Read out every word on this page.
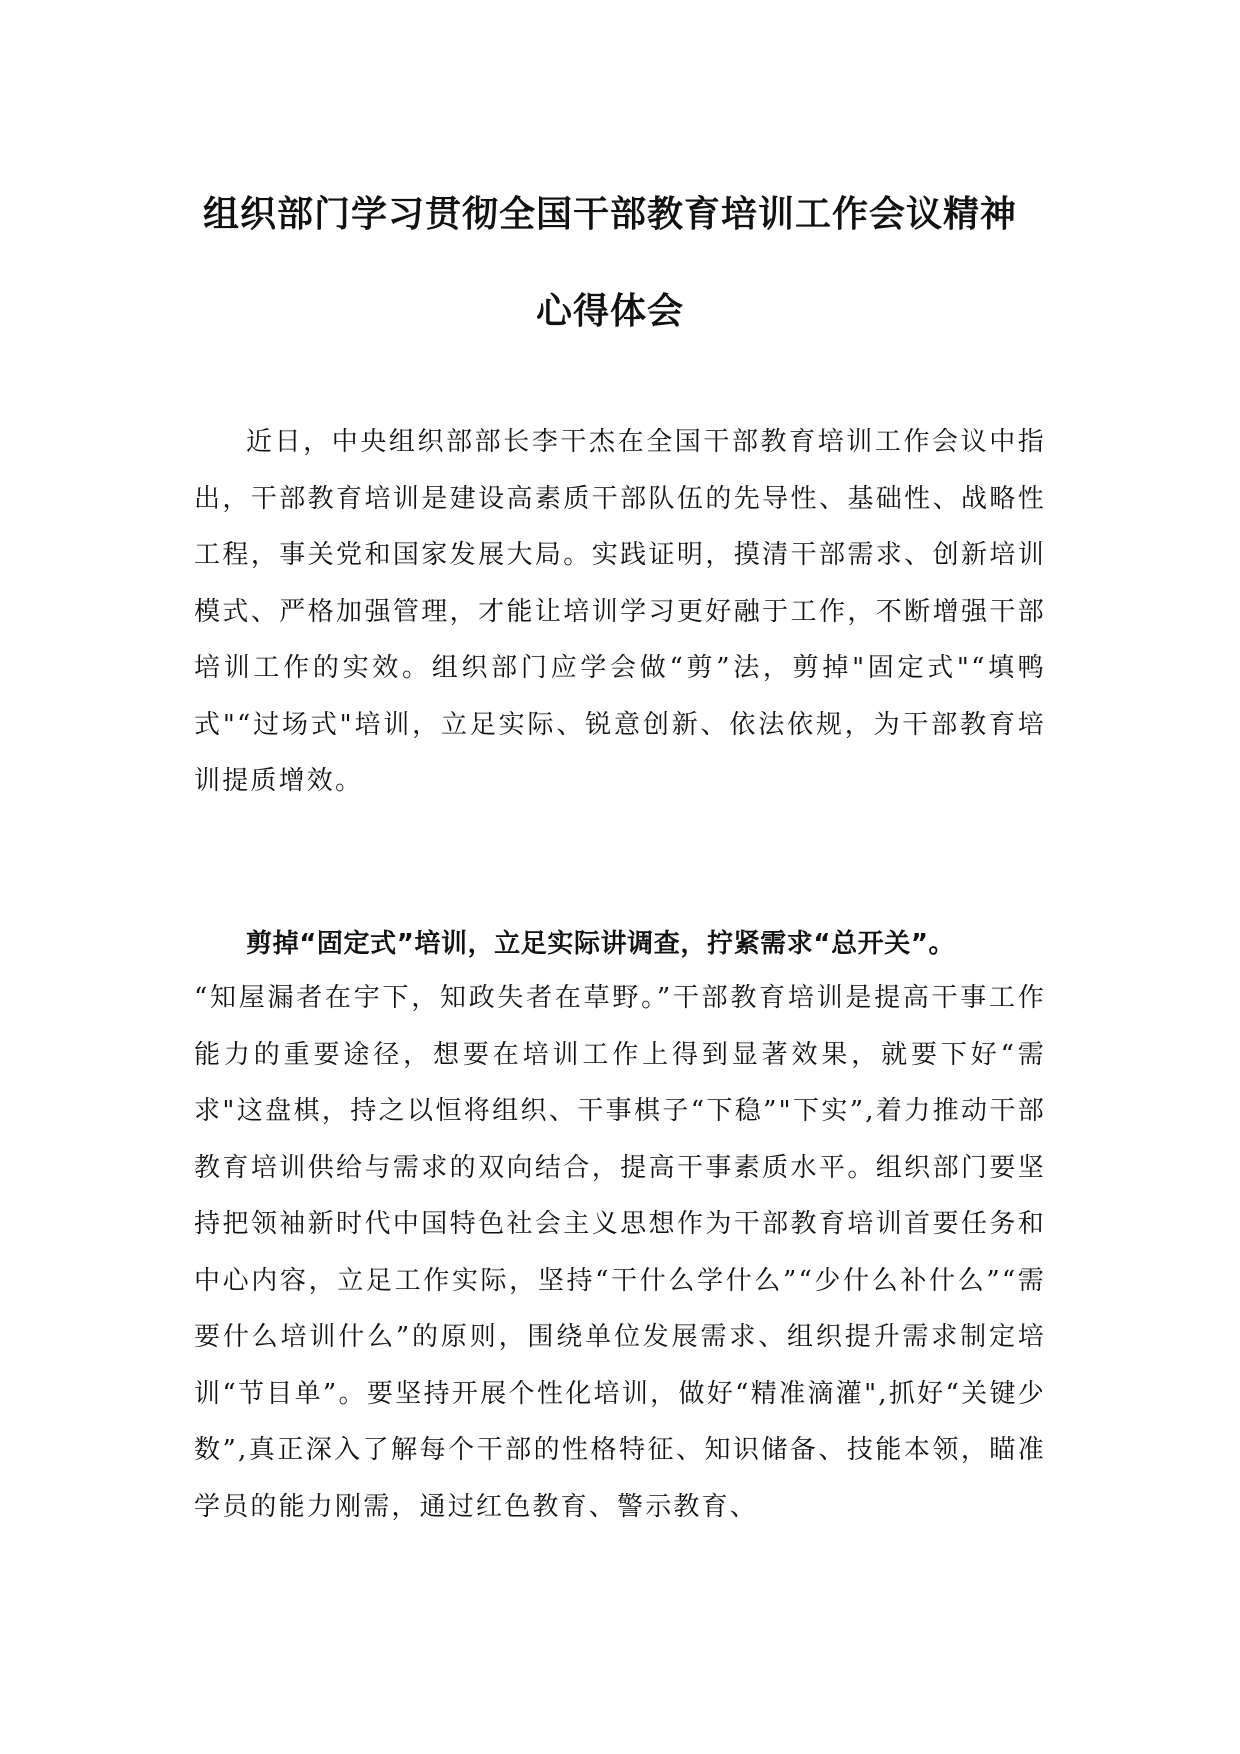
组织部门学习贯彻全国干部教育培训工作会议精神
心得体会
近日，中央组织部部长李干杰在全国干部教育培训工作会议中指出，干部教育培训是建设高素质干部队伍的先导性、基础性、战略性工程，事关党和国家发展大局。实践证明，摸清干部需求、创新培训模式、严格加强管理，才能让培训学习更好融于工作，不断增强干部培训工作的实效。组织部门应学会做“剪”法，剪掉"固定式"“填鸭式"“过场式"培训，立足实际、锐意创新、依法依规，为干部教育培训提质增效。
剪掉“固定式”培训，立足实际讲调查，拧紧需求“总开关”。
“知屋漏者在宇下，知政失者在草野。”干部教育培训是提高干事工作能力的重要途径，想要在培训工作上得到显著效果，就要下好“需求"这盘棋，持之以恒将组织、干事棋子“下稳”"下实”,着力推动干部教育培训供给与需求的双向结合，提高干事素质水平。组织部门要坚持把领袖新时代中国特色社会主义思想作为干部教育培训首要任务和中心内容，立足工作实际，坚持“干什么学什么”“少什么补什么”“需要什么培训什么”的原则，围绕单位发展需求、组织提升需求制定培训“节目单”。要坚持开展个性化培训，做好“精准滴灌",抓好“关键少数”,真正深入了解每个干部的性格特征、知识储备、技能本领，瞄准学员的能力刚需，通过红色教育、警示教育、
